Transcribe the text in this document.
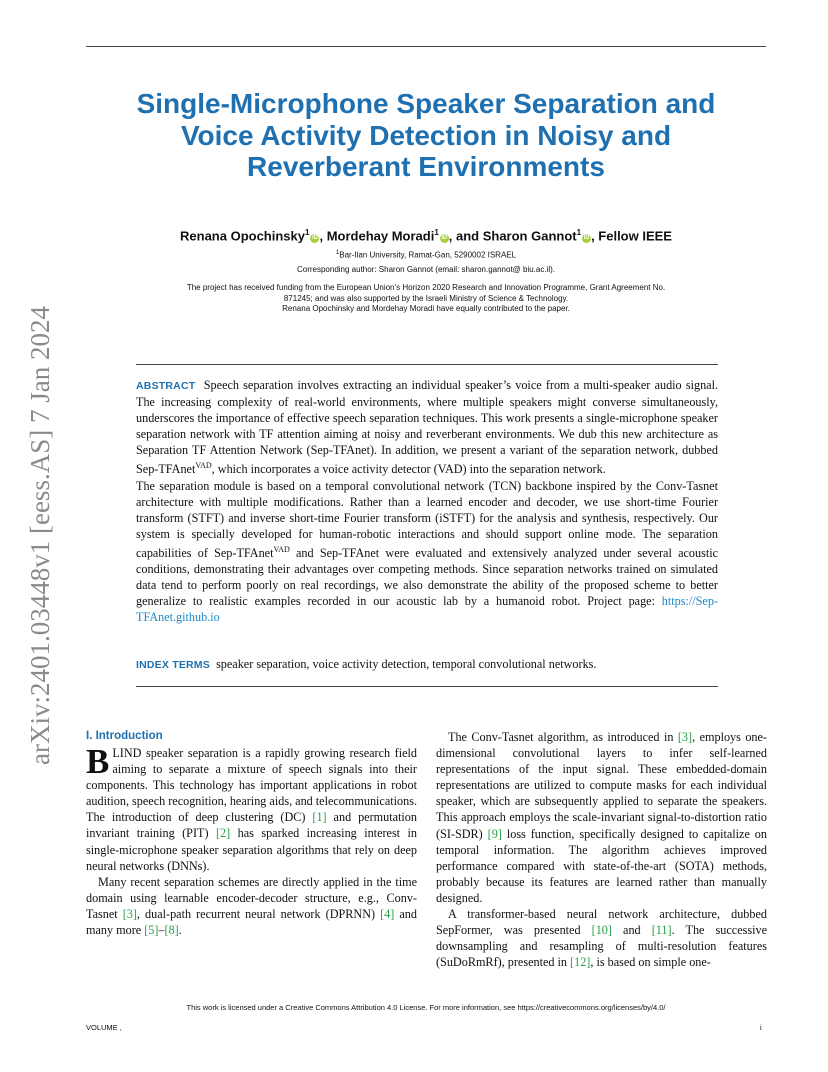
arXiv:2401.03448v1 [eess.AS] 7 Jan 2024
Single-Microphone Speaker Separation and Voice Activity Detection in Noisy and Reverberant Environments
Renana Opochinsky$^1$iD , Mordehay Moradi$^1$iD , and Sharon Gannot$^1$iD , Fellow IEEE
$^1$Bar-Ilan University, Ramat-Gan, 5290002 ISRAEL
Corresponding author: Sharon Gannot (email: sharon.gannot@ biu.ac.il).
The project has received funding from the European Union’s Horizon 2020 Research and Innovation Programme, Grant Agreement No.
871245; and was also supported by the Israeli Ministry of Science & Technology.
Renana Opochinsky and Mordehay Moradi have equally contributed to the paper.

ABSTRACT Speech separation involves extracting an individual speaker’s voice from a multi-speaker audio signal. The increasing complexity of real-world environments, where multiple speakers might converse simultaneously, underscores the importance of effective speech separation techniques. This work presents a single-microphone speaker separation network with TF attention aiming at noisy and reverberant environments. We dub this new architecture as Separation TF Attention Network (Sep-TFAnet). In addition, we present a variant of the separation network, dubbed Sep-TFAnet$^{VAD}$, which incorporates a voice activity detector (VAD) into the separation network.

The separation module is based on a temporal convolutional network (TCN) backbone inspired by the Conv-Tasnet architecture with multiple modifications. Rather than a learned encoder and decoder, we use short-time Fourier transform (STFT) and inverse short-time Fourier transform (iSTFT) for the analysis and synthesis, respectively. Our system is specially developed for human-robotic interactions and should support online mode. The separation capabilities of Sep-TFAnet$^{VAD}$ and Sep-TFAnet were evaluated and extensively analyzed under several acoustic conditions, demonstrating their advantages over competing methods. Since separation networks trained on simulated data tend to perform poorly on real recordings, we also demonstrate the ability of the proposed scheme to better generalize to realistic examples recorded in our acoustic lab by a humanoid robot. Project page: https://Sep-TFAnet.github.io

INDEX TERMS speaker separation, voice activity detection, temporal convolutional networks.
I. Introduction

BLIND speaker separation is a rapidly growing research field aiming to separate a mixture of speech signals into their components. This technology has important applications in robot audition, speech recognition, hearing aids, and telecommunications. The introduction of deep clustering (DC) [1] and permutation invariant training (PIT) [2] has sparked increasing interest in single-microphone speaker separation algorithms that rely on deep neural networks (DNNs).

Many recent separation schemes are directly applied in the time domain using learnable encoder-decoder structure, e.g., Conv-Tasnet [3], dual-path recurrent neural network (DPRNN) [4] and many more [5]–[8].

The Conv-Tasnet algorithm, as introduced in [3], employs one-dimensional convolutional layers to infer self-learned representations of the input signal. These embedded-domain representations are utilized to compute masks for each individual speaker, which are subsequently applied to separate the speakers. This approach employs the scale-invariant signal-to-distortion ratio (SI-SDR) [9] loss function, specifically designed to capitalize on temporal information. The algorithm achieves improved performance compared with state-of-the-art (SOTA) methods, probably because its features are learned rather than manually designed.

A transformer-based neural network architecture, dubbed SepFormer, was presented [10] and [11]. The successive downsampling and resampling of multi-resolution features (SuDoRmRf), presented in [12], is based on simple one-

This work is licensed under a Creative Commons Attribution 4.0 License. For more information, see https://creativecommons.org/licenses/by/4.0/
VOLUME ,	i
